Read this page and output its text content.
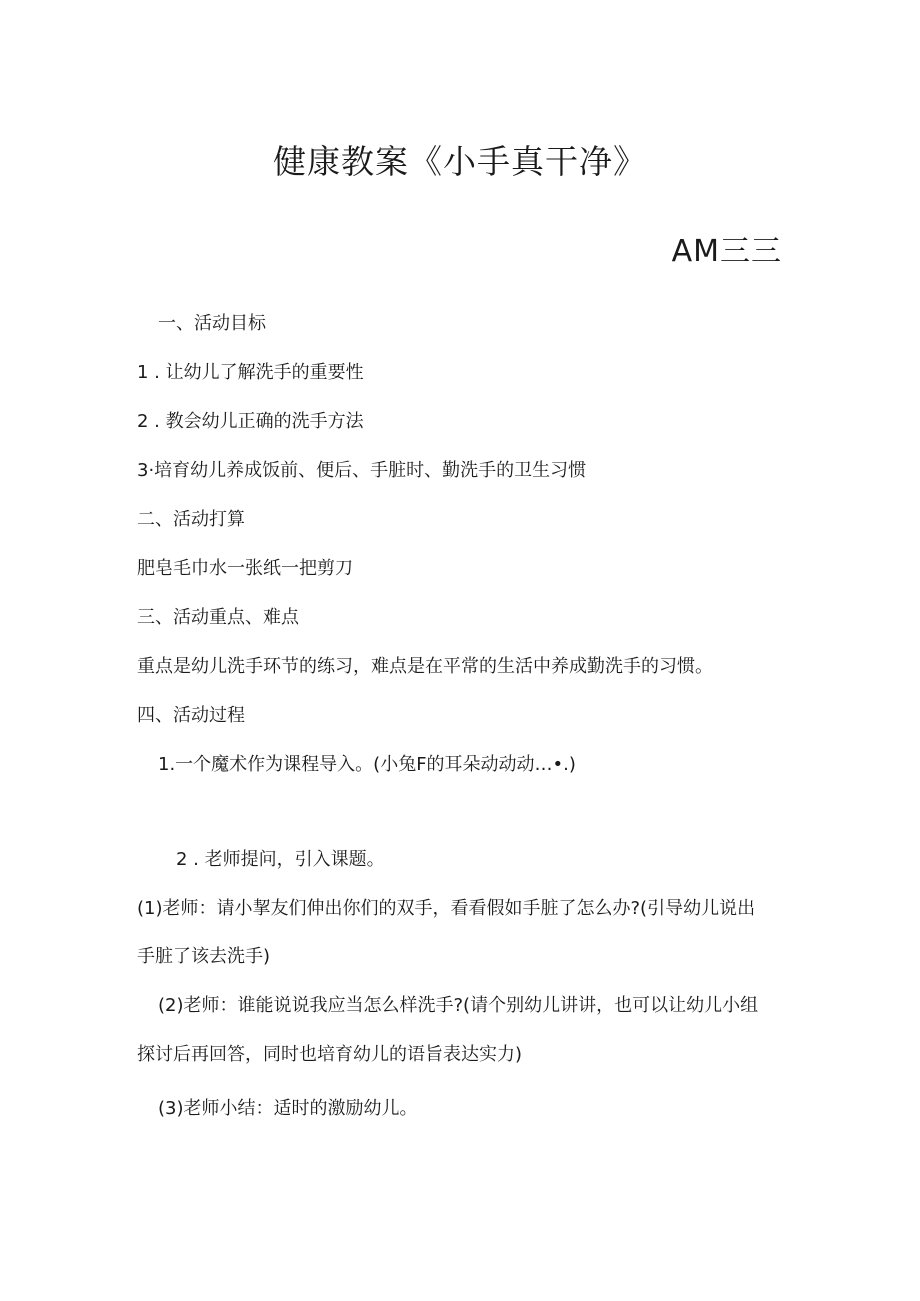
健康教案《小手真干净》
AM三三

一、活动目标

1 . 让幼儿了解洗手的重要性

2 . 教会幼儿正确的洗手方法

3·培育幼儿养成饭前、便后、手脏时、勤洗手的卫生习惯

二、活动打算

肥皂毛巾水一张纸一把剪刀

三、活动重点、难点

重点是幼儿洗手环节的练习，难点是在平常的生活中养成勤洗手的习惯。

四、活动过程

1.一个魔术作为课程导入。(小兔F的耳朵动动动…•.)

2 . 老师提问，引入课题。

(1)老师：请小挈友们伸出你们的双手，看看假如手脏了怎么办?(引导幼儿说出

手脏了该去洗手)

(2)老师：谁能说说我应当怎么样洗手?(请个别幼儿讲讲，也可以让幼儿小组

探讨后再回答，同时也培育幼儿的语旨表达实力)

(3)老师小结：适时的激励幼儿。
